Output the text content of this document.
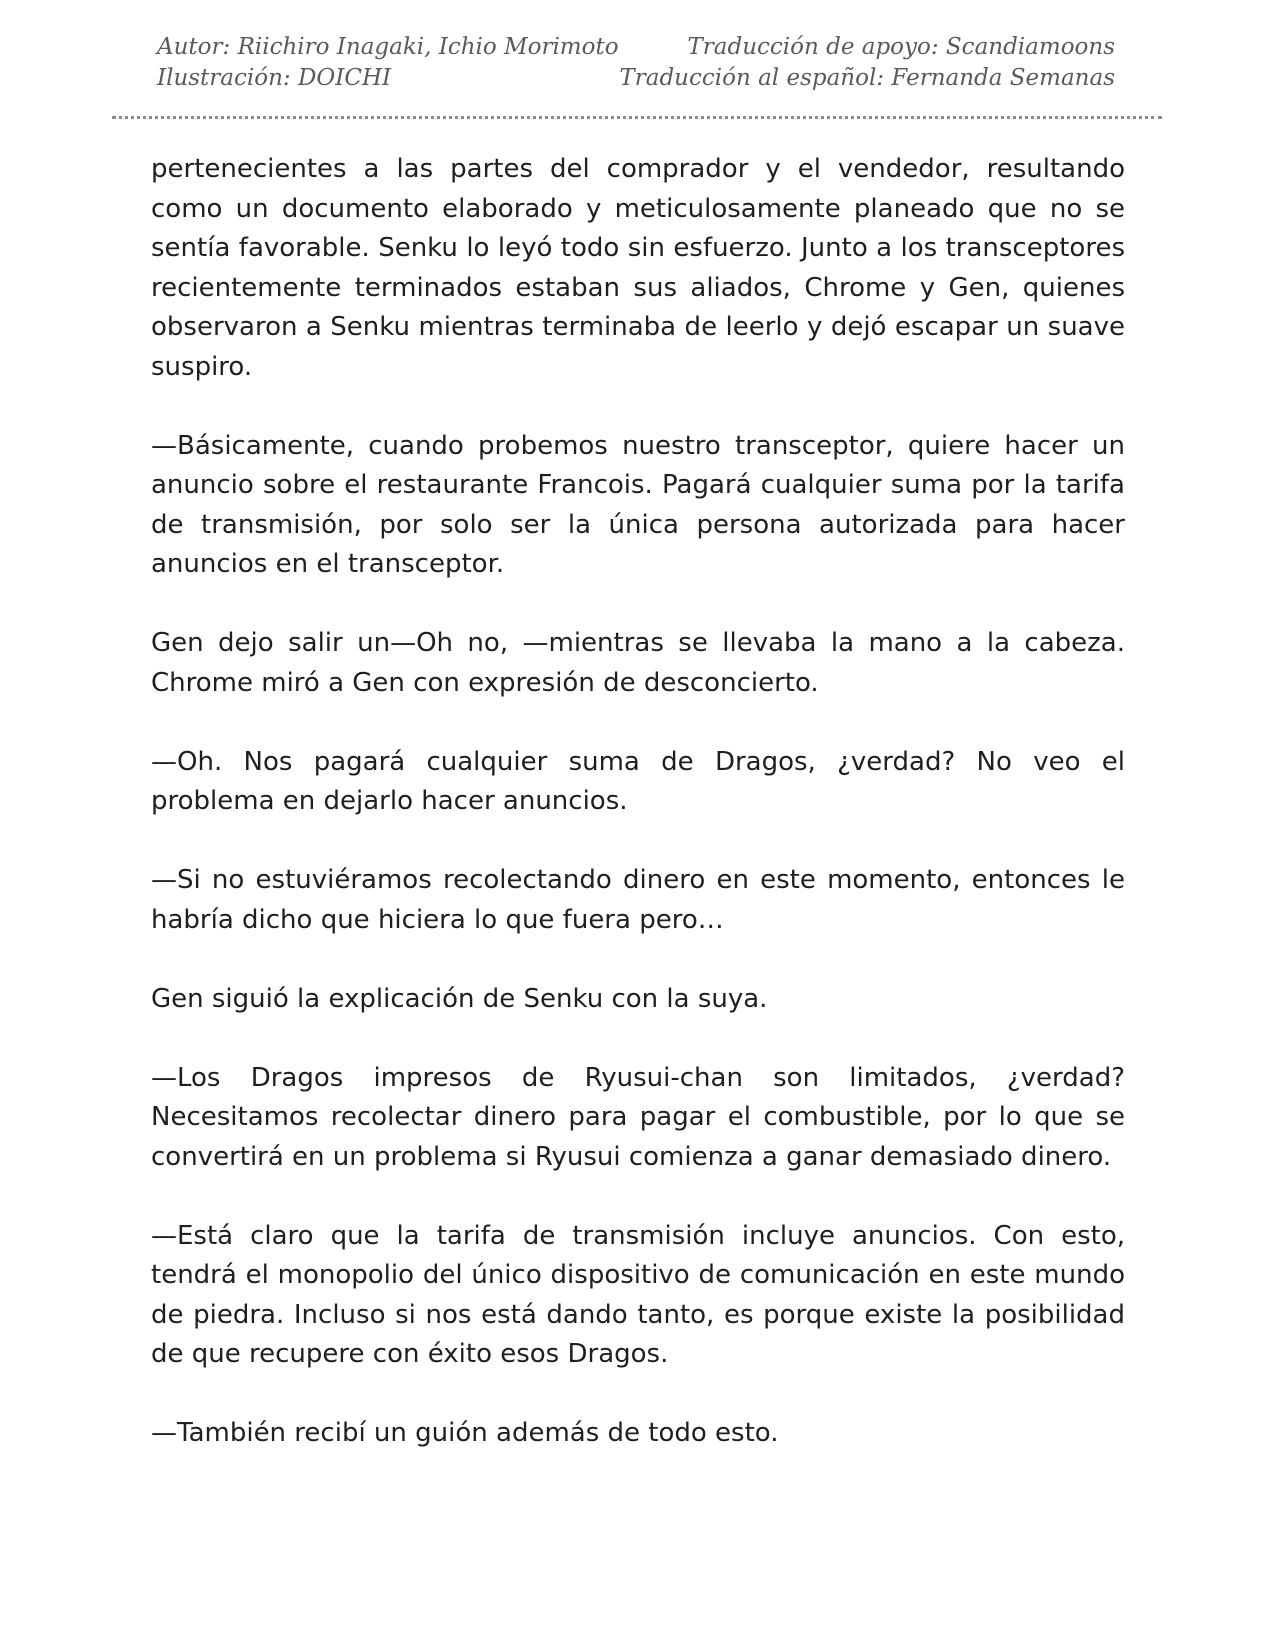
Autor: Riichiro Inagaki, Ichio Morimoto
Ilustración: DOICHI
Traducción de apoyo: Scandiamoons
Traducción al español: Fernanda Semanas

pertenecientes a las partes del comprador y el vendedor, resultando como un documento elaborado y meticulosamente planeado que no se sentía favorable. Senku lo leyó todo sin esfuerzo. Junto a los transceptores recientemente terminados estaban sus aliados, Chrome y Gen, quienes observaron a Senku mientras terminaba de leerlo y dejó escapar un suave suspiro.

—Básicamente, cuando probemos nuestro transceptor, quiere hacer un anuncio sobre el restaurante Francois. Pagará cualquier suma por la tarifa de transmisión, por solo ser la única persona autorizada para hacer anuncios en el transceptor.

Gen dejo salir un—Oh no, —mientras se llevaba la mano a la cabeza. Chrome miró a Gen con expresión de desconcierto.

—Oh. Nos pagará cualquier suma de Dragos, ¿verdad? No veo el problema en dejarlo hacer anuncios.

—Si no estuviéramos recolectando dinero en este momento, entonces le habría dicho que hiciera lo que fuera pero…

Gen siguió la explicación de Senku con la suya.

—Los Dragos impresos de Ryusui-chan son limitados, ¿verdad? Necesitamos recolectar dinero para pagar el combustible, por lo que se convertirá en un problema si Ryusui comienza a ganar demasiado dinero.

—Está claro que la tarifa de transmisión incluye anuncios. Con esto, tendrá el monopolio del único dispositivo de comunicación en este mundo de piedra. Incluso si nos está dando tanto, es porque existe la posibilidad de que recupere con éxito esos Dragos.

—También recibí un guión además de todo esto.
